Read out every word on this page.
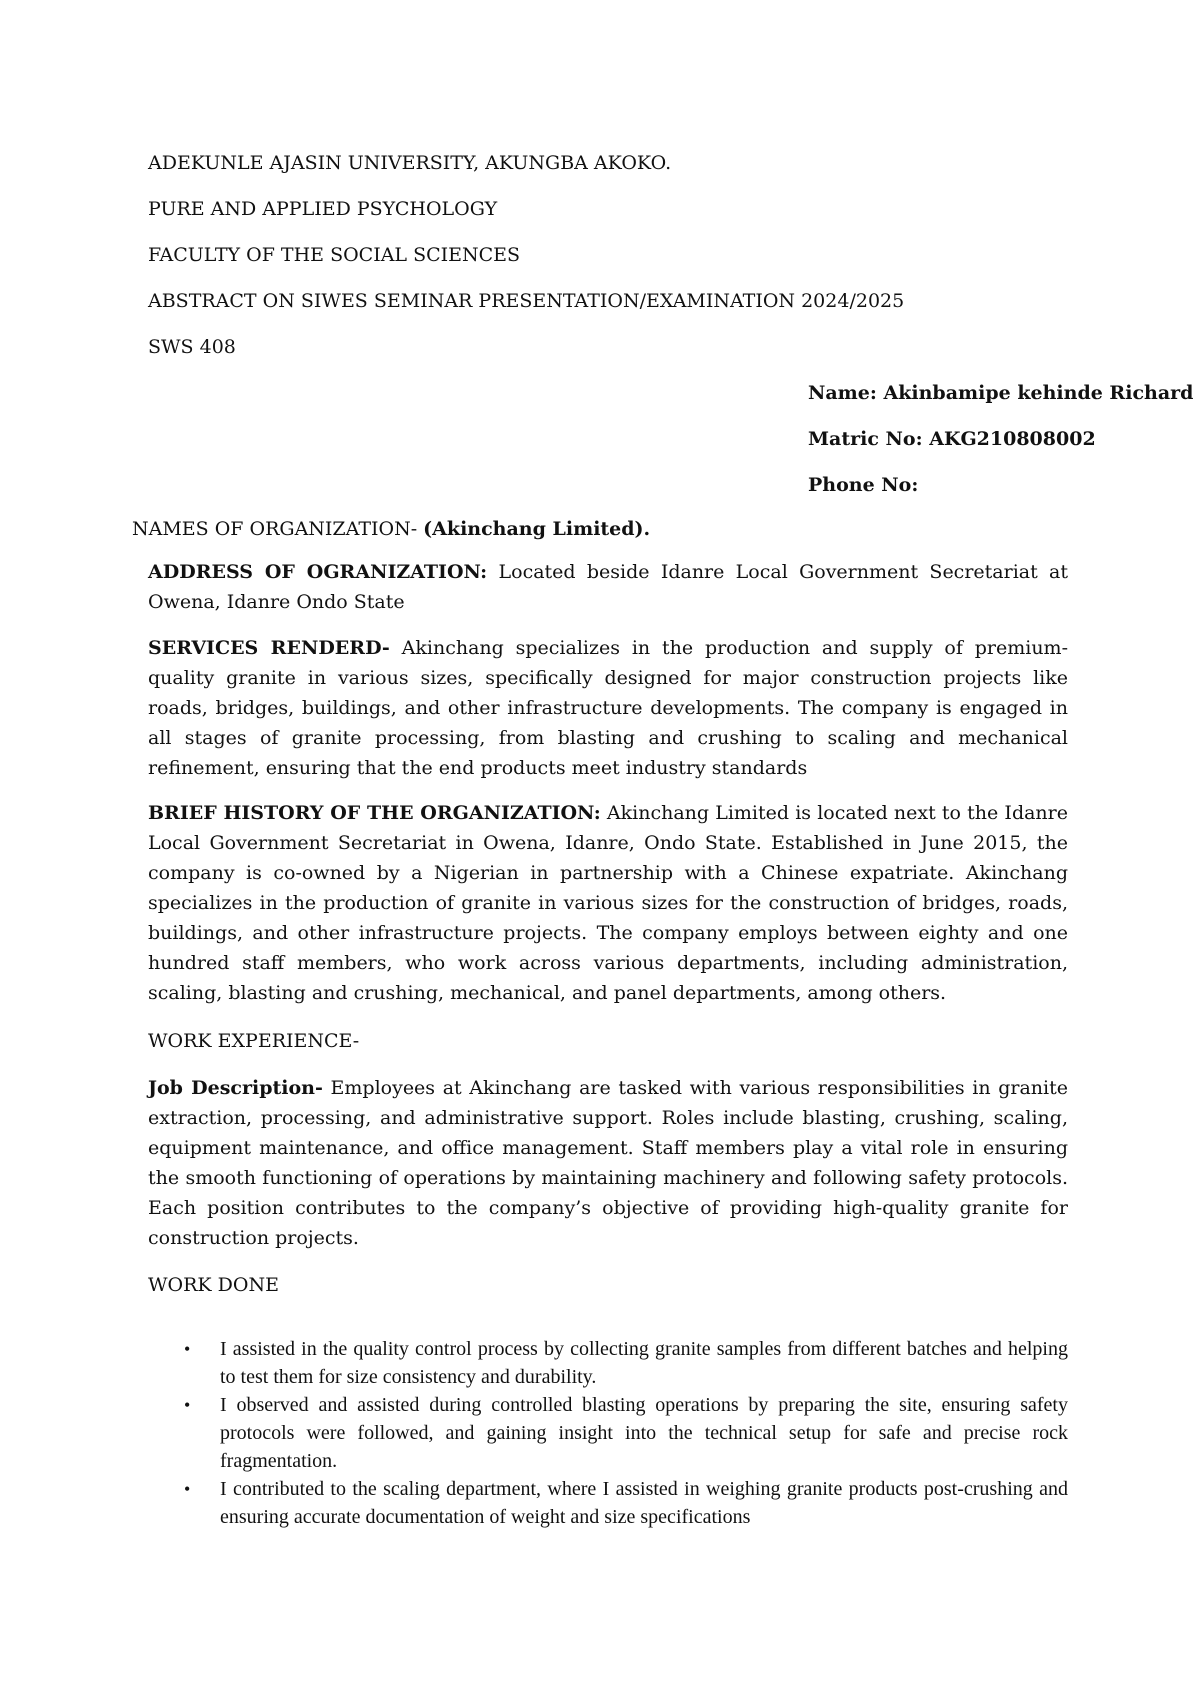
ADEKUNLE AJASIN UNIVERSITY, AKUNGBA AKOKO.
PURE AND APPLIED PSYCHOLOGY
FACULTY OF THE SOCIAL SCIENCES
ABSTRACT ON SIWES SEMINAR PRESENTATION/EXAMINATION 2024/2025
SWS 408
Name: Akinbamipe kehinde Richard
Matric No: AKG210808002
Phone No:
NAMES OF ORGANIZATION- (Akinchang Limited).

ADDRESS OF OGRANIZATION: Located beside Idanre Local Government Secretariat at Owena, Idanre Ondo State

SERVICES RENDERD- Akinchang specializes in the production and supply of premium-quality granite in various sizes, specifically designed for major construction projects like roads, bridges, buildings, and other infrastructure developments. The company is engaged in all stages of granite processing, from blasting and crushing to scaling and mechanical refinement, ensuring that the end products meet industry standards

BRIEF HISTORY OF THE ORGANIZATION: Akinchang Limited is located next to the Idanre Local Government Secretariat in Owena, Idanre, Ondo State. Established in June 2015, the company is co-owned by a Nigerian in partnership with a Chinese expatriate. Akinchang specializes in the production of granite in various sizes for the construction of bridges, roads, buildings, and other infrastructure projects. The company employs between eighty and one hundred staff members, who work across various departments, including administration, scaling, blasting and crushing, mechanical, and panel departments, among others.

WORK EXPERIENCE-

Job Description- Employees at Akinchang are tasked with various responsibilities in granite extraction, processing, and administrative support. Roles include blasting, crushing, scaling, equipment maintenance, and office management. Staff members play a vital role in ensuring the smooth functioning of operations by maintaining machinery and following safety protocols. Each position contributes to the company’s objective of providing high-quality granite for construction projects.

WORK DONE
• I assisted in the quality control process by collecting granite samples from different batches and helping to test them for size consistency and durability.
• I observed and assisted during controlled blasting operations by preparing the site, ensuring safety protocols were followed, and gaining insight into the technical setup for safe and precise rock fragmentation.
• I contributed to the scaling department, where I assisted in weighing granite products post-crushing and ensuring accurate documentation of weight and size specifications
